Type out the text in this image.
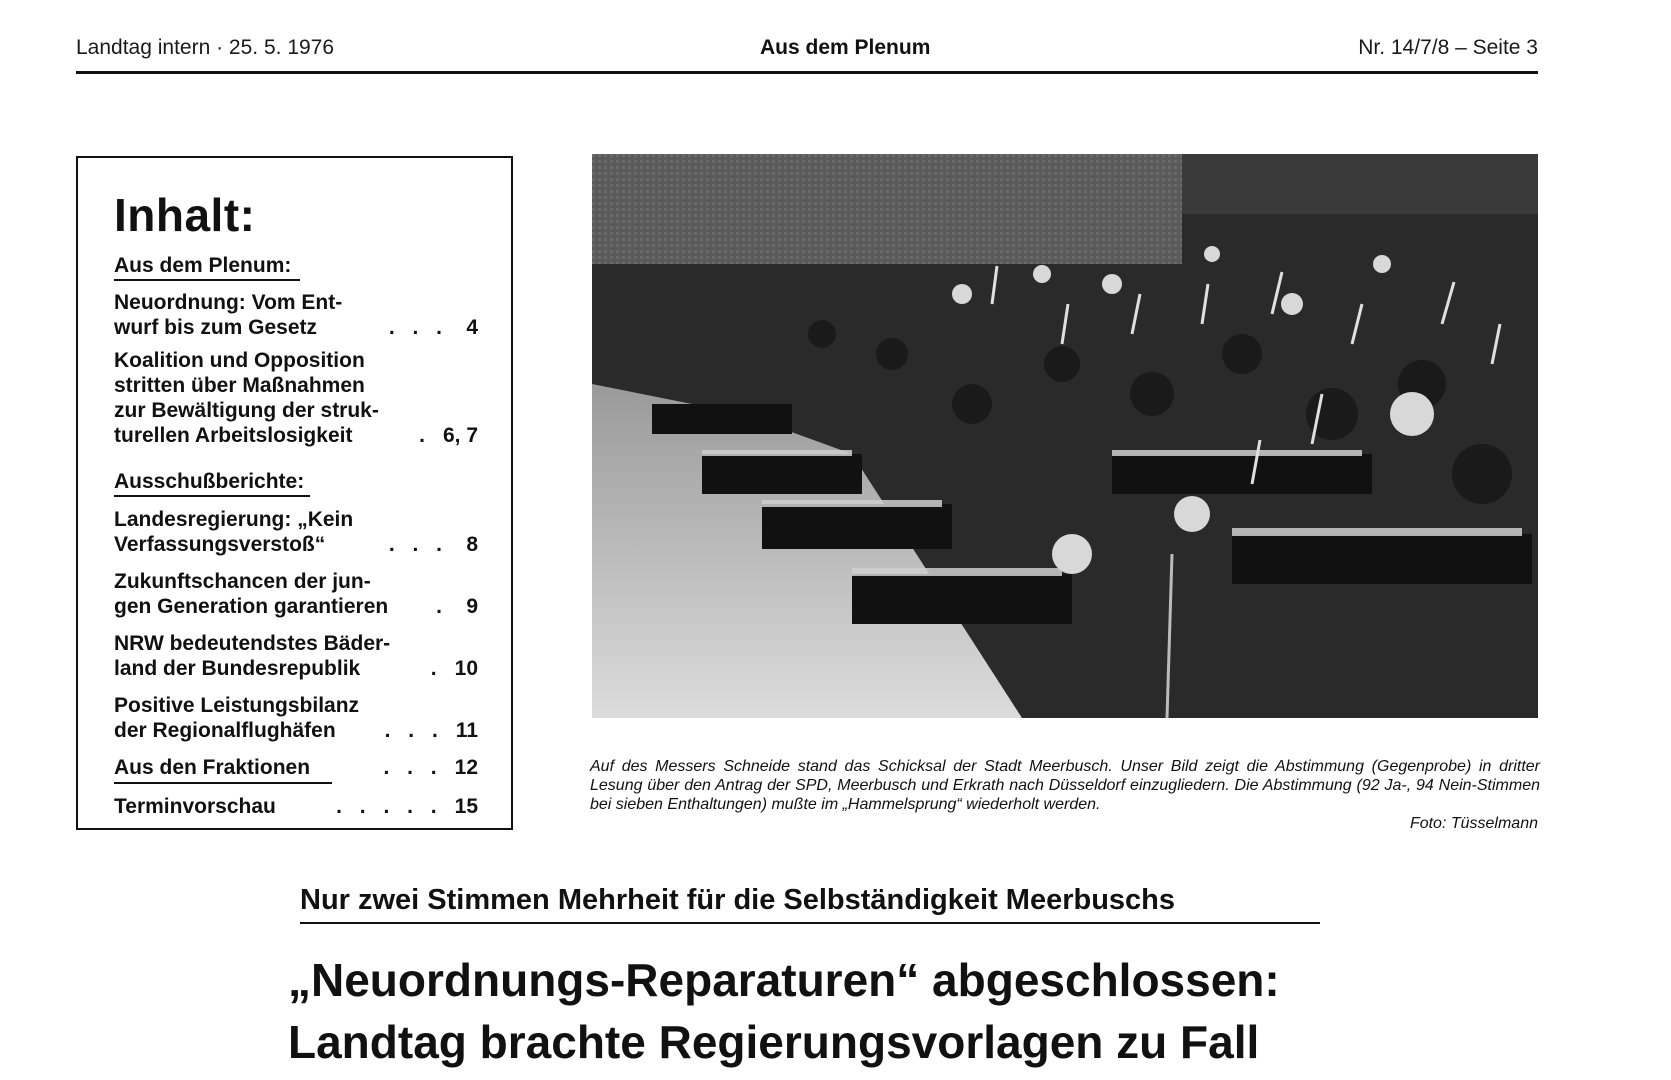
Landtag intern · 25. 5. 1976	Aus dem Plenum	Nr. 14/7/8 – Seite 3
Inhalt:
Aus dem Plenum:
Neuordnung: Vom Ent-
wurf bis zum Gesetz	. . . 4
Koalition und Opposition
stritten über Maßnahmen
zur Bewältigung der struk-
turellen Arbeitslosigkeit	. 6, 7
Ausschußberichte:
Landesregierung: „Kein
Verfassungsverstoß“	. . . 8
Zukunftschancen der jun-
gen Generation garantieren	. 9
NRW bedeutendstes Bäder-
land der Bundesrepublik	. 10
Positive Leistungsbilanz
der Regionalflughäfen	. . . 11
Aus den Fraktionen	. . . 12
Terminvorschau	. . . . . 15
Auf des Messers Schneide stand das Schicksal der Stadt Meerbusch. Unser Bild zeigt die Abstimmung (Gegenprobe) in dritter Lesung über den Antrag der SPD, Meerbusch und Erkrath nach Düsseldorf einzugliedern. Die Abstimmung (92 Ja-, 94 Nein-Stimmen bei sieben Enthaltungen) mußte im „Hammelsprung“ wiederholt werden.
Foto: Tüsselmann
Nur zwei Stimmen Mehrheit für die Selbständigkeit Meerbuschs
„Neuordnungs-Reparaturen“ abgeschlossen:
Landtag brachte Regierungsvorlagen zu Fall
